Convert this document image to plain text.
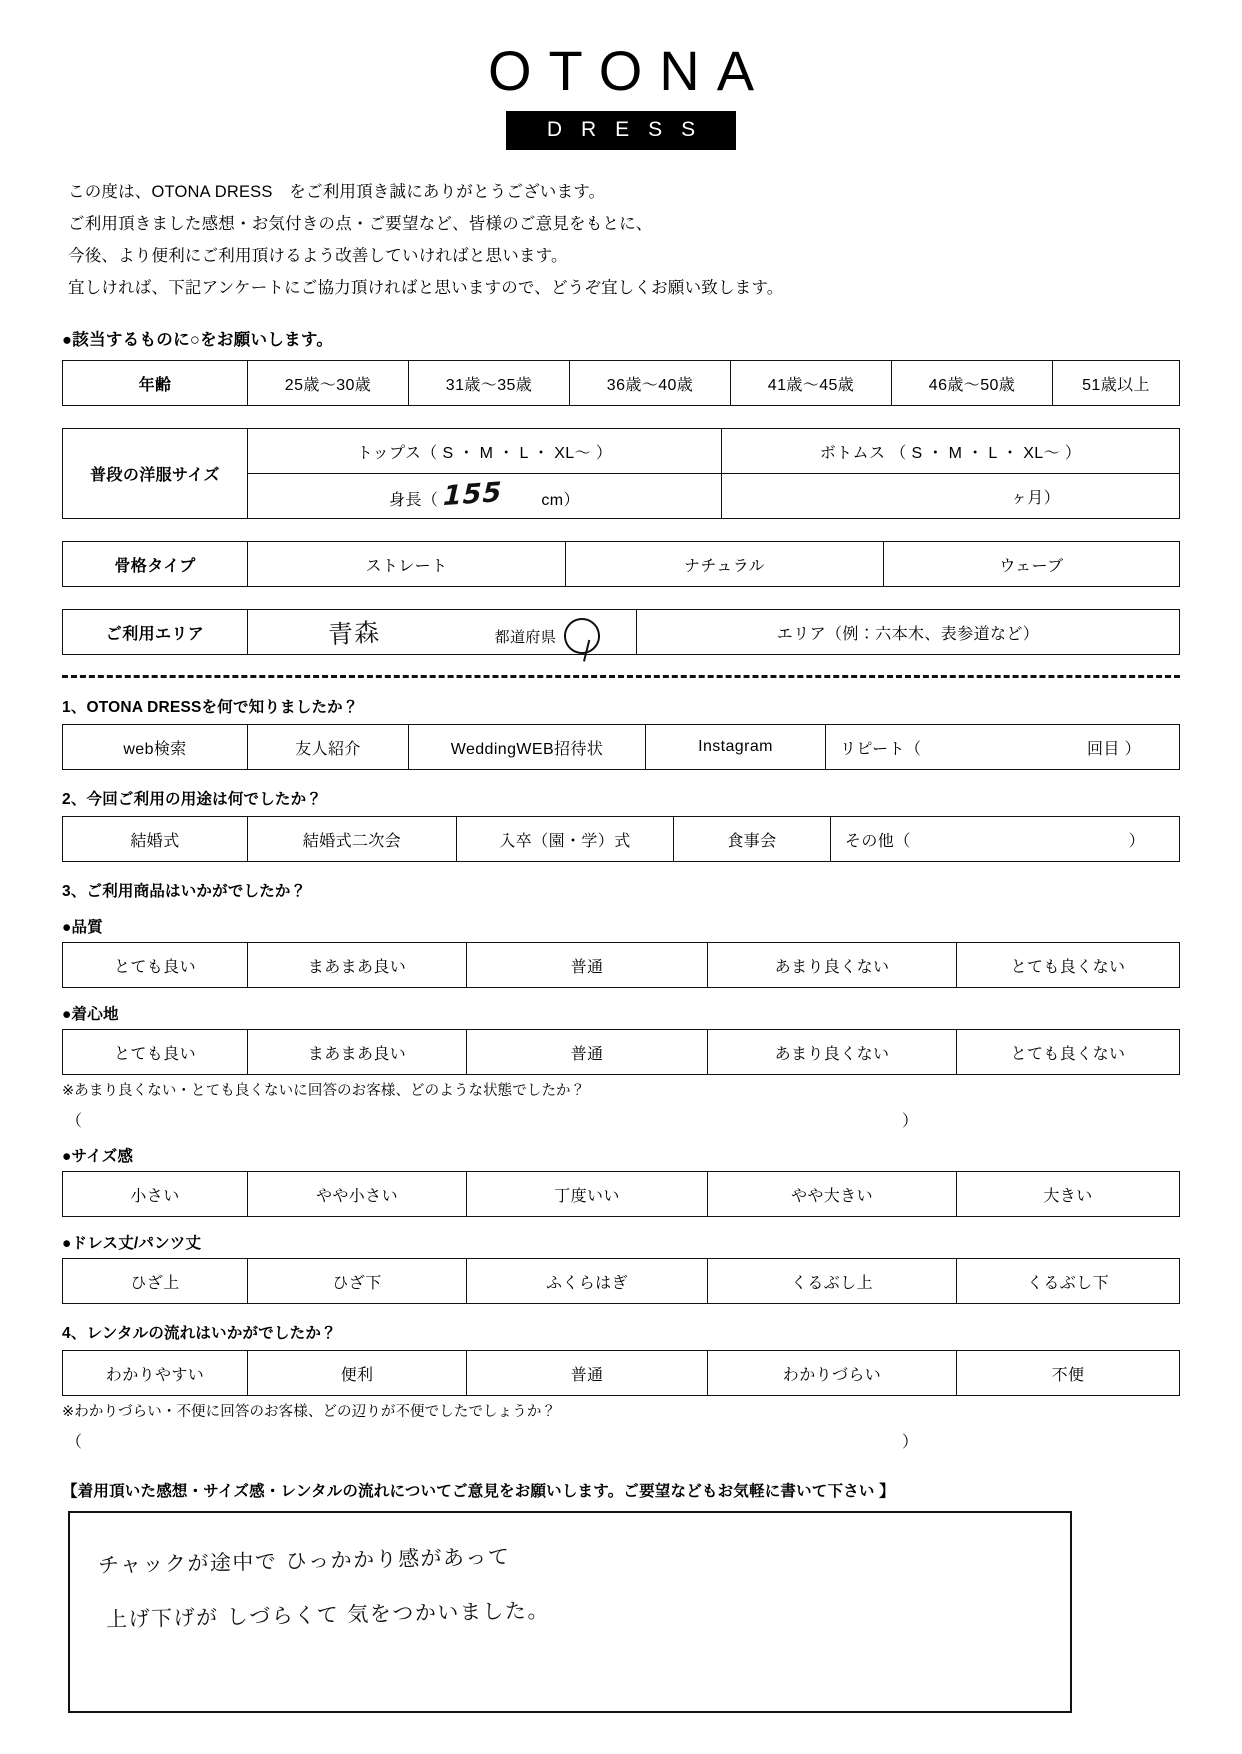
OTONA
DRESS
この度は、OTONA DRESS　をご利用頂き誠にありがとうございます。
ご利用頂きました感想・お気付きの点・ご要望など、皆様のご意見をもとに、
今後、より便利にご利用頂けるよう改善していければと思います。
宜しければ、下記アンケートにご協力頂ければと思いますので、どうぞ宜しくお願い致します。
●該当するものに○をお願いします。
年齢	25歳〜30歳	31歳〜35歳	36歳〜40歳	41歳〜45歳	46歳〜50歳	51歳以上
普段の洋服サイズ	トップス（ S ・ M ・ L ・ XL〜 ）	ボトムス （ S ・ M ・ L ・ XL〜 ）
	身長（ 155 cm）	ヶ月）
骨格タイプ	ストレート	ナチュラル	ウェーブ
ご利用エリア	青森	都道府県	エリア（例：六本木、表参道など）
1、OTONA DRESSを何で知りましたか？
web検索	友人紹介	WeddingWEB招待状	Instagram	リピート（	回目 ）
2、今回ご利用の用途は何でしたか？
結婚式	結婚式二次会	入卒（園・学）式	食事会	その他（	）
3、ご利用商品はいかがでしたか？
●品質
とても良い	まあまあ良い	普通	あまり良くない	とても良くない
●着心地
とても良い	まあまあ良い	普通	あまり良くない	とても良くない
※あまり良くない・とても良くないに回答のお客様、どのような状態でしたか？
（	）
●サイズ感
小さい	やや小さい	丁度いい	やや大きい	大きい
●ドレス丈/パンツ丈
ひざ上	ひざ下	ふくらはぎ	くるぶし上	くるぶし下
4、レンタルの流れはいかがでしたか？
わかりやすい	便利	普通	わかりづらい	不便
※わかりづらい・不便に回答のお客様、どの辺りが不便でしたでしょうか？
（	）
【着用頂いた感想・サイズ感・レンタルの流れについてご意見をお願いします。ご要望などもお気軽に書いて下さい 】
チャックが途中で ひっかかり感があって
上げ下げが しづらくて 気をつかいました。
